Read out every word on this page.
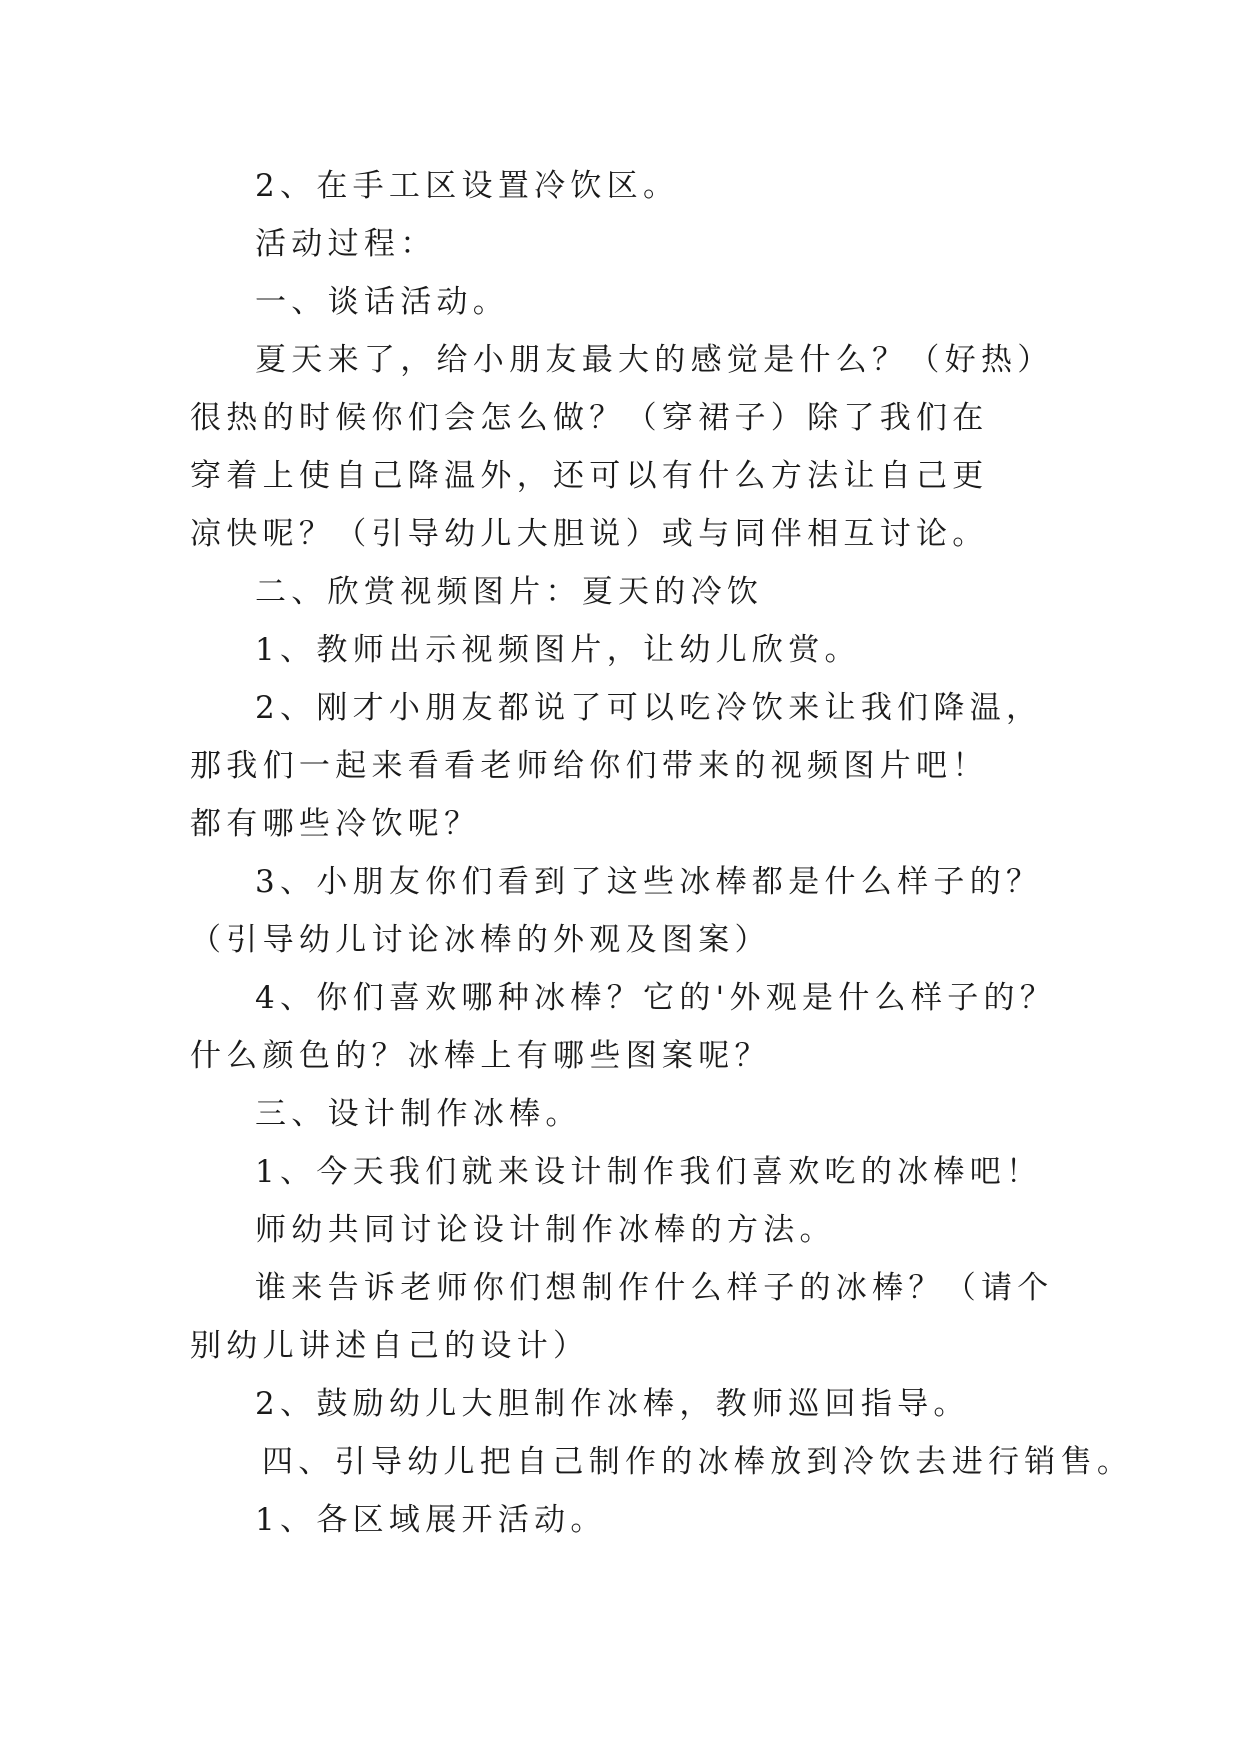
2、在手工区设置冷饮区。
活动过程：
一、谈话活动。
夏天来了，给小朋友最大的感觉是什么？（好热）
很热的时候你们会怎么做？（穿裙子）除了我们在
穿着上使自己降温外，还可以有什么方法让自己更
凉快呢？（引导幼儿大胆说）或与同伴相互讨论。
二、欣赏视频图片：夏天的冷饮
1、教师出示视频图片，让幼儿欣赏。
2、刚才小朋友都说了可以吃冷饮来让我们降温，
那我们一起来看看老师给你们带来的视频图片吧！
都有哪些冷饮呢？
3、小朋友你们看到了这些冰棒都是什么样子的？
（引导幼儿讨论冰棒的外观及图案）
4、你们喜欢哪种冰棒？它的'外观是什么样子的？
什么颜色的？冰棒上有哪些图案呢？
三、设计制作冰棒。
1、今天我们就来设计制作我们喜欢吃的冰棒吧！
师幼共同讨论设计制作冰棒的方法。
谁来告诉老师你们想制作什么样子的冰棒？（请个
别幼儿讲述自己的设计）
2、鼓励幼儿大胆制作冰棒，教师巡回指导。
四、引导幼儿把自己制作的冰棒放到冷饮去进行销售。
1、各区域展开活动。
